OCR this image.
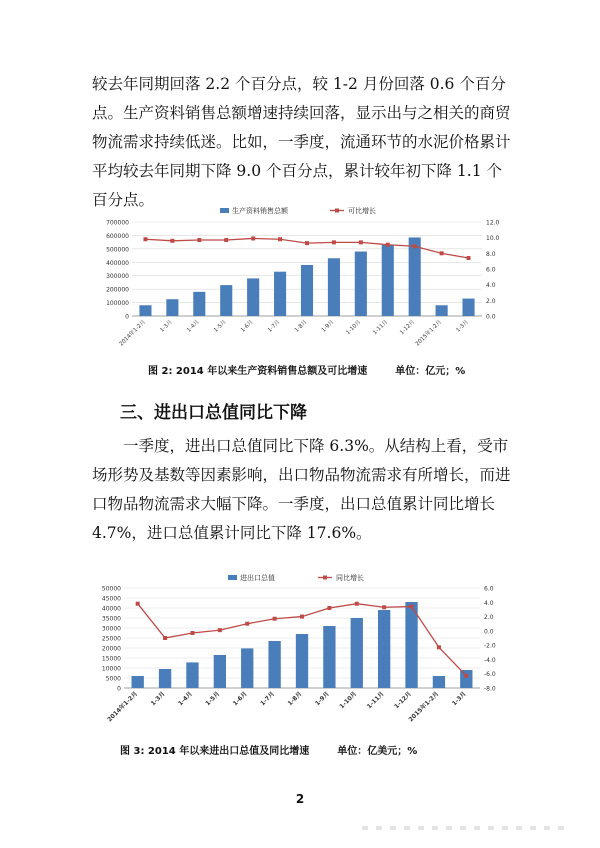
较去年同期回落 2.2 个百分点，较 1-2 月份回落 0.6 个百分点。生产资料销售总额增速持续回落，显示出与之相关的商贸物流需求持续低迷。比如，一季度，流通环节的水泥价格累计平均较去年同期下降 9.0 个百分点，累计较年初下降 1.1 个百分点。

0
100000
200000
300000
400000
500000
600000
700000
0.0
2.0
4.0
6.0
8.0
10.0
12.0
2014年1-2月 1-3月 1-4月 1-5月 1-6月 1-7月 1-8月 1-9月 1-10月 1-11月 1-12月
2015年1-2月 1-3月
生产资料销售总额	可比增长
图 2: 2014 年以来生产资料销售总额及可比增速	单位：亿元；%
三、进出口总值同比下降

一季度，进出口总值同比下降 6.3%。从结构上看，受市场形势及基数等因素影响，出口物品物流需求有所增长，而进口物品物流需求大幅下降。一季度，出口总值累计同比增长 4.7%，进口总值累计同比下降 17.6%。

0
5000
10000
15000
20000
25000
30000
35000
40000
45000
50000
-8.0
-6.0
-4.0
-2.0
0.0
2.0
4.0
6.0
2014年1-2月 1-3月 1-4月 1-5月 1-6月 1-7月 1-8月 1-9月 1-10月 1-11月 1-12月
2015年1-2月 1-3月
进出口总值	同比增长
图 3: 2014 年以来进出口总值及同比增速	单位：亿美元；%
2
